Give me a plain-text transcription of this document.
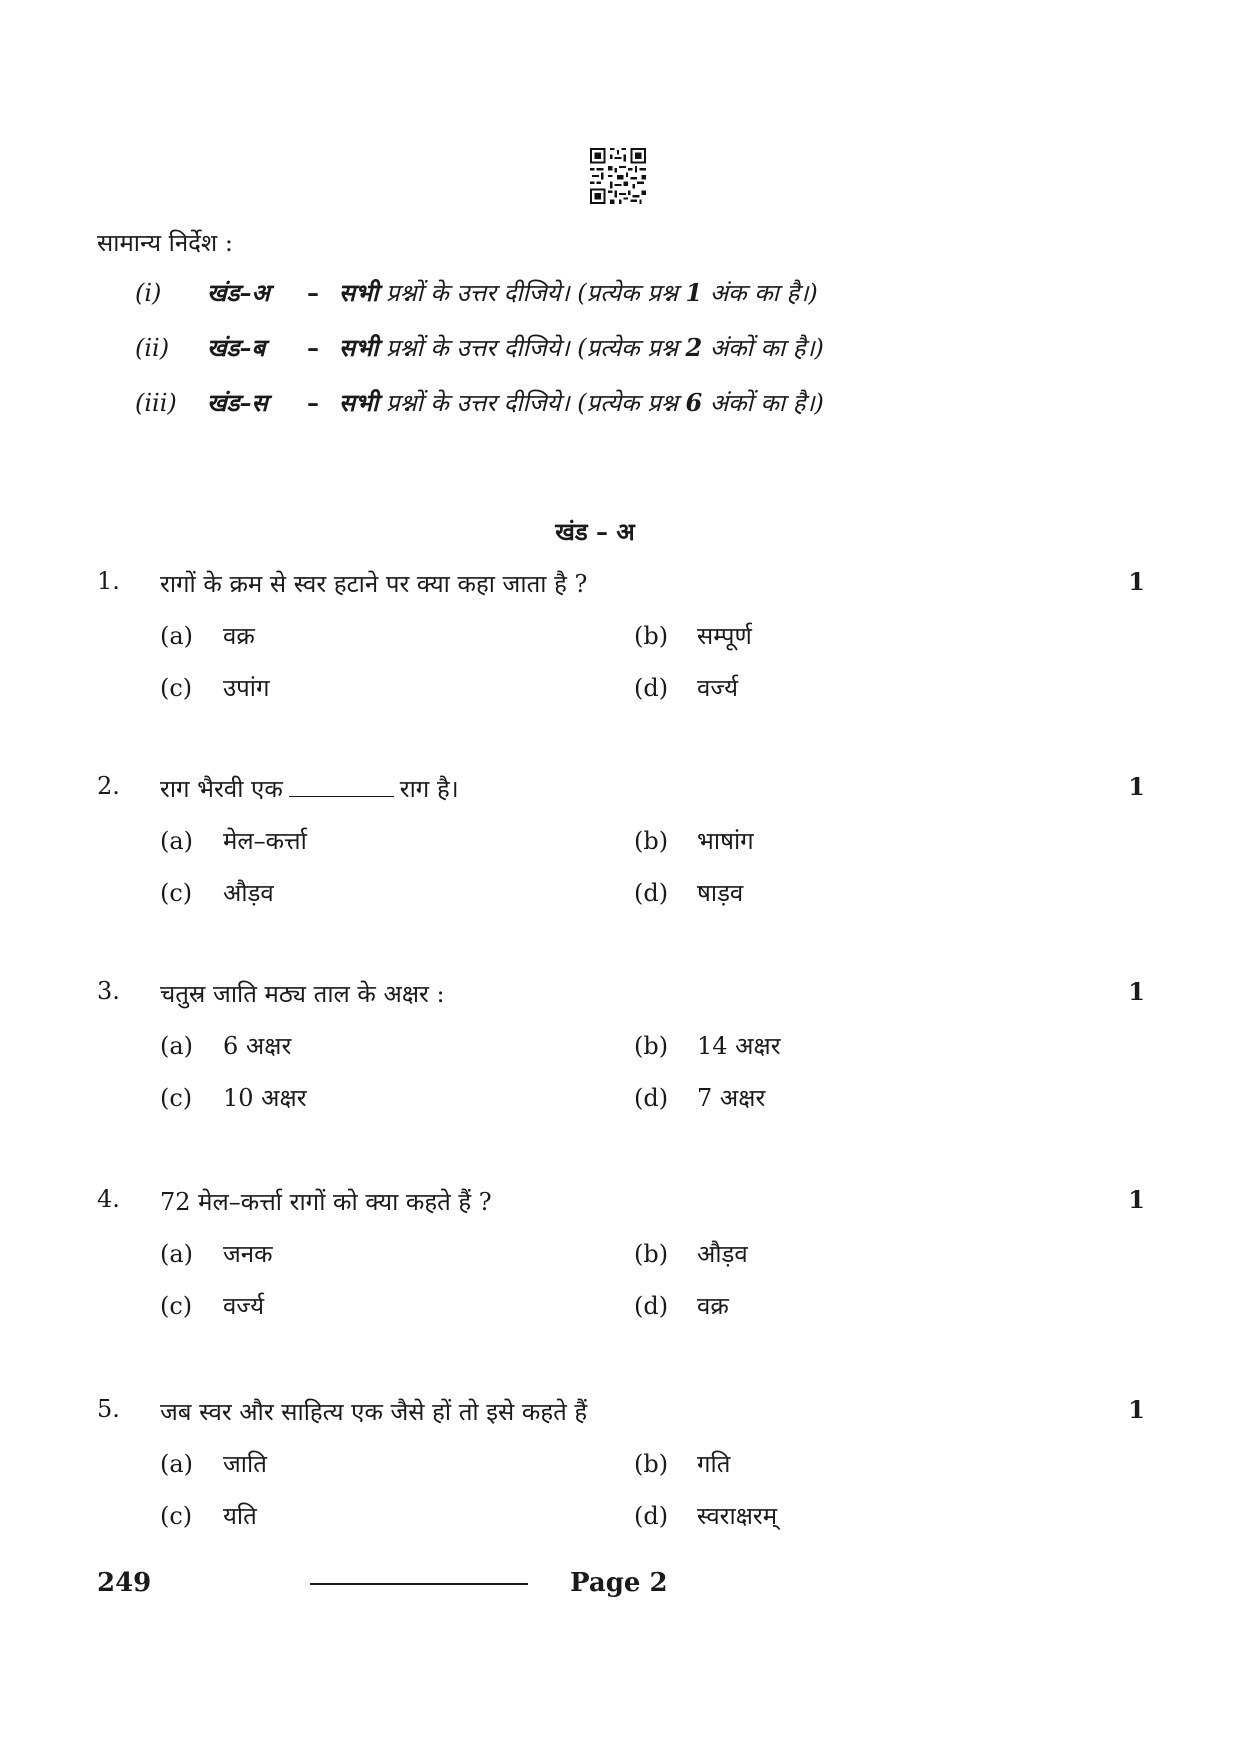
सामान्य निर्देश :
(i) खंड–अ – सभी प्रश्नों के उत्तर दीजिये। (प्रत्येक प्रश्न 1 अंक का है।)
(ii) खंड–ब – सभी प्रश्नों के उत्तर दीजिये। (प्रत्येक प्रश्न 2 अंकों का है।)
(iii) खंड–स – सभी प्रश्नों के उत्तर दीजिये। (प्रत्येक प्रश्न 6 अंकों का है।)
खंड – अ
1. रागों के क्रम से स्वर हटाने पर क्या कहा जाता है ?	1
(a) वक्र	(b) सम्पूर्ण
(c) उपांग	(d) वर्ज्य
2. राग भैरवी एक	राग है।	1
(a) मेल–कर्त्ता	(b) भाषांग
(c) औड़व	(d) षाड़व
3. चतुस्र जाति मठ्य ताल के अक्षर :	1
(a) 6 अक्षर	(b) 14 अक्षर
(c) 10 अक्षर	(d) 7 अक्षर
4. 72 मेल–कर्त्ता रागों को क्या कहते हैं ?	1
(a) जनक	(b) औड़व
(c) वर्ज्य	(d) वक्र
5. जब स्वर और साहित्य एक जैसे हों तो इसे कहते हैं	1
(a) जाति	(b) गति
(c) यति	(d) स्वराक्षरम्
249	Page 2
